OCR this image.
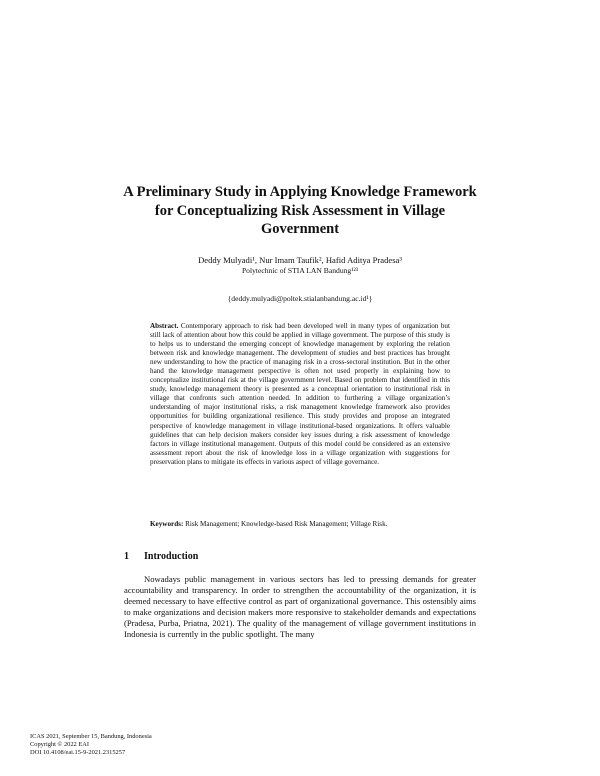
A Preliminary Study in Applying Knowledge Framework for Conceptualizing Risk Assessment in Village Government
Deddy Mulyadi¹, Nur Imam Taufik², Hafid Aditya Pradesa³
Polytechnic of STIA LAN Bandung¹²³
{deddy.mulyadi@poltek.stialanbandung.ac.id¹}

Abstract. Contemporary approach to risk had been developed well in many types of organization but still lack of attention about how this could be applied in village government. The purpose of this study is to helps us to understand the emerging concept of knowledge management by exploring the relation between risk and knowledge management. The development of studies and best practices has brought new understanding to how the practice of managing risk in a cross-sectoral institution. But in the other hand the knowledge management perspective is often not used properly in explaining how to conceptualize institutional risk at the village government level. Based on problem that identified in this study, knowledge management theory is presented as a conceptual orientation to institutional risk in village that confronts such attention needed. In addition to furthering a village organization’s understanding of major institutional risks, a risk management knowledge framework also provides opportunities for building organizational resilience. This study provides and propose an integrated perspective of knowledge management in village institutional-based organizations. It offers valuable guidelines that can help decision makers consider key issues during a risk assessment of knowledge factors in village institutional management. Outputs of this model could be considered as an extensive assessment report about the risk of knowledge loss in a village organization with suggestions for preservation plans to mitigate its effects in various aspect of village governance.

Keywords: Risk Management; Knowledge-based Risk Management; Village Risk.

1 Introduction

Nowadays public management in various sectors has led to pressing demands for greater accountability and transparency. In order to strengthen the accountability of the organization, it is deemed necessary to have effective control as part of organizational governance. This ostensibly aims to make organizations and decision makers more responsive to stakeholder demands and expectations (Pradesa, Purba, Priatna, 2021). The quality of the management of village government institutions in Indonesia is currently in the public spotlight. The many

ICAS 2021, September 15, Bandung, Indonesia
Copyright © 2022 EAI
DOI 10.4108/eai.15-9-2021.2315257
